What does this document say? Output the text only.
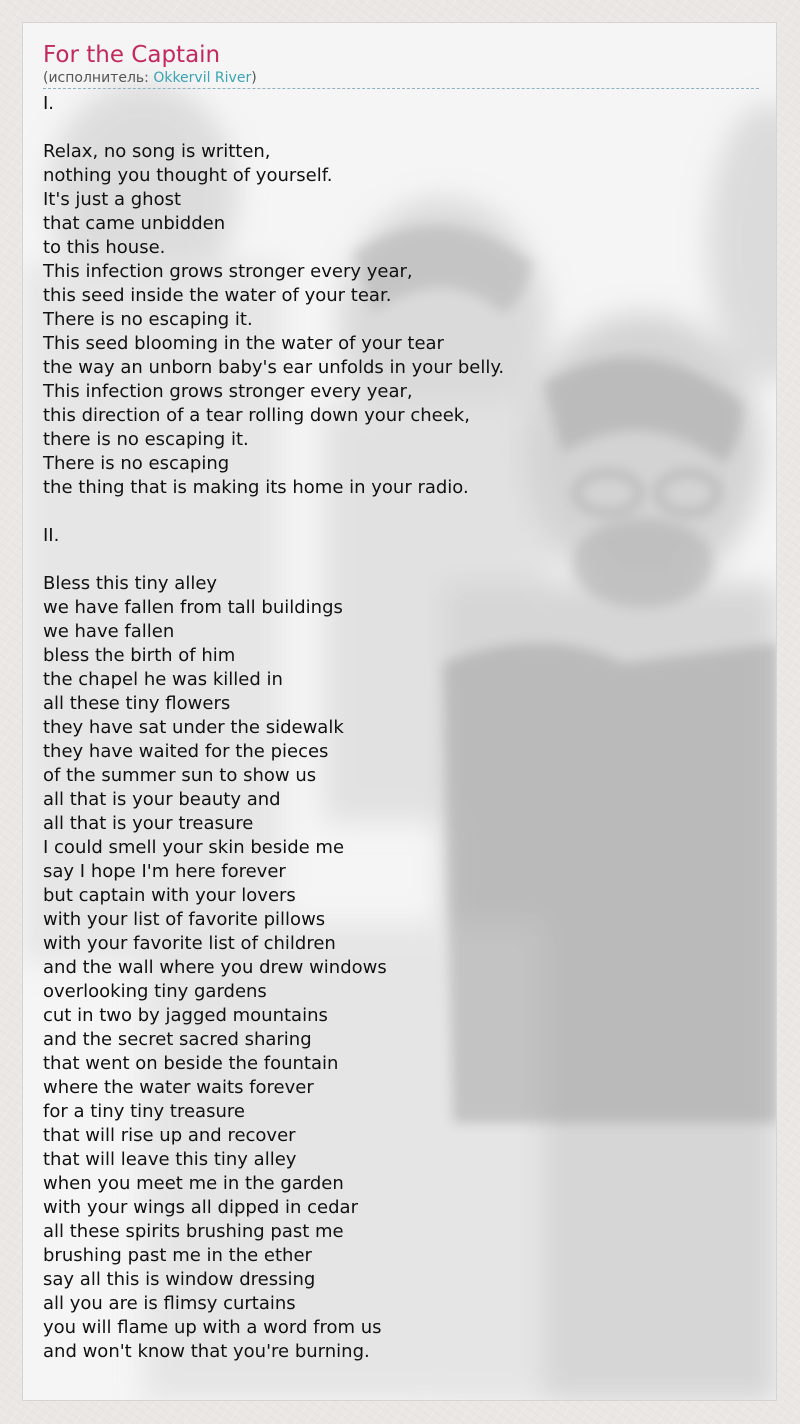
For the Captain
(исполнитель: Okkervil River)
I.
Relax, no song is written,
nothing you thought of yourself.
It's just a ghost
that came unbidden
to this house.
This infection grows stronger every year,
this seed inside the water of your tear.
There is no escaping it.
This seed blooming in the water of your tear
the way an unborn baby's ear unfolds in your belly.
This infection grows stronger every year,
this direction of a tear rolling down your cheek,
there is no escaping it.
There is no escaping
the thing that is making its home in your radio.
II.
Bless this tiny alley
we have fallen from tall buildings
we have fallen
bless the birth of him
the chapel he was killed in
all these tiny flowers
they have sat under the sidewalk
they have waited for the pieces
of the summer sun to show us
all that is your beauty and
all that is your treasure
I could smell your skin beside me
say I hope I'm here forever
but captain with your lovers
with your list of favorite pillows
with your favorite list of children
and the wall where you drew windows
overlooking tiny gardens
cut in two by jagged mountains
and the secret sacred sharing
that went on beside the fountain
where the water waits forever
for a tiny tiny treasure
that will rise up and recover
that will leave this tiny alley
when you meet me in the garden
with your wings all dipped in cedar
all these spirits brushing past me
brushing past me in the ether
say all this is window dressing
all you are is flimsy curtains
you will flame up with a word from us
and won't know that you're burning.
